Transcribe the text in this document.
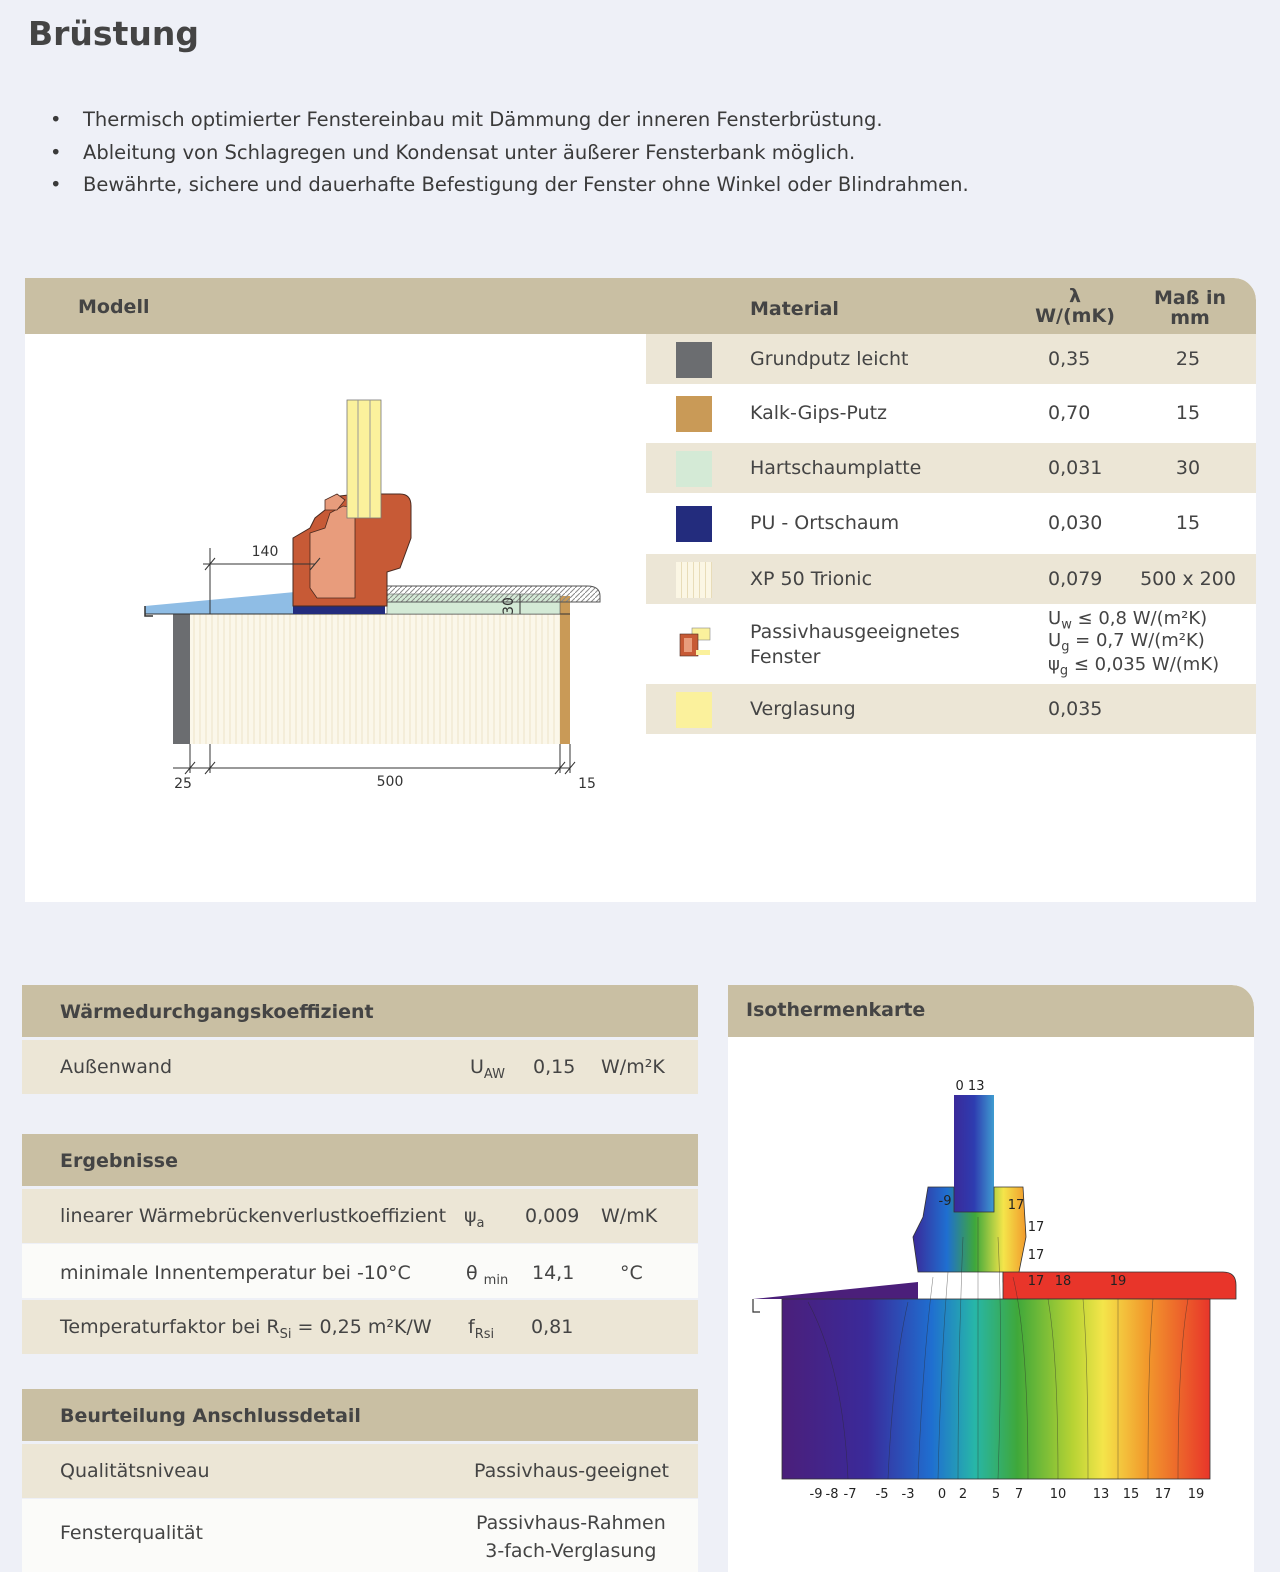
Brüstung
• Thermisch optimierter Fenstereinbau mit Dämmung der inneren Fensterbrüstung.
• Ableitung von Schlagregen und Kondensat unter äußerer Fensterbank möglich.
• Bewährte, sichere und dauerhafte Befestigung der Fenster ohne Winkel oder Blindrahmen.
Modell	Material
λ
W/(mK)
Maß in
mm
140
30
25	500	15
Grundputz leicht	0,35	25
Kalk-Gips-Putz	0,70	15
Hartschaumplatte	0,031	30
PU - Ortschaum	0,030	15
XP 50 Trionic	0,079	500 x 200
Passivhausgeeignetes
Fenster
$U_w \le 0,8$ W/(m²K)
$U_g = 0,7$ W/(m²K)
$\psi_g \le 0,035$ W/(mK)
Verglasung	0,035
Wärmedurchgangskoeffizient
Außenwand	$U_{AW}$ 0,15 W/m²K
Ergebnisse
linearer Wärmebrückenverlustkoeffizient $\psi_a$ 0,009 W/mK
minimale Innentemperatur bei -10°C	θ $_{min}$ 14,1 °C
Temperaturfaktor bei $R_{Si} = 0,25$ m²K/W $f_{Rsi}$ 0,81
Beurteilung Anschlussdetail
Qualitätsniveau	Passivhaus-geeignet
Fensterqualität	Passivhaus-Rahmen
3-fach-Verglasung
Isothermenkarte
0 13
-9	17
17
17
17 18	19
-9 -8 -7 -5 -3 0 2 5 7 10 13 15 17 19
